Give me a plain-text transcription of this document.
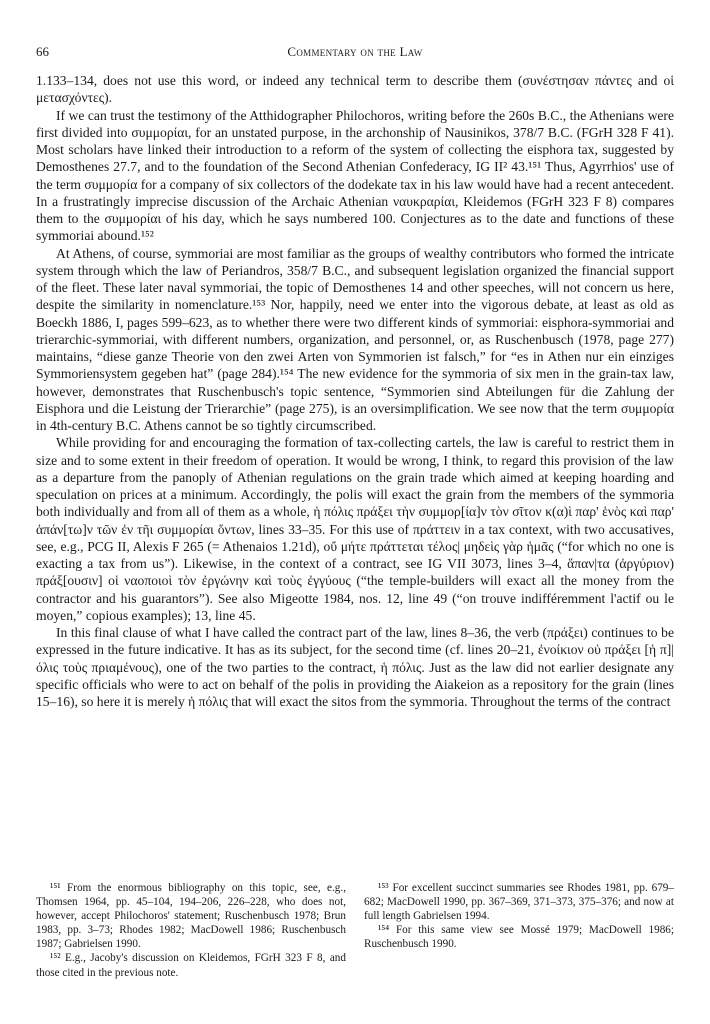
66	Commentary on the Law

1.133–134, does not use this word, or indeed any technical term to describe them (συνέστησαν πάντες and οἱ μετασχόντες).

If we can trust the testimony of the Atthidographer Philochoros, writing before the 260s B.C., the Athenians were first divided into συμμορίαι, for an unstated purpose, in the archonship of Nausinikos, 378/7 B.C. (FGrH 328 F 41). Most scholars have linked their introduction to a reform of the system of collecting the eisphora tax, suggested by Demosthenes 27.7, and to the foundation of the Second Athenian Confederacy, IG II² 43.¹⁵¹ Thus, Agyrrhios' use of the term συμμορία for a company of six collectors of the dodekate tax in his law would have had a recent antecedent. In a frustratingly imprecise discussion of the Archaic Athenian ναυκραρίαι, Kleidemos (FGrH 323 F 8) compares them to the συμμορίαι of his day, which he says numbered 100. Conjectures as to the date and functions of these symmoriai abound.¹⁵²

At Athens, of course, symmoriai are most familiar as the groups of wealthy contributors who formed the intricate system through which the law of Periandros, 358/7 B.C., and subsequent legislation organized the financial support of the fleet. These later naval symmoriai, the topic of Demosthenes 14 and other speeches, will not concern us here, despite the similarity in nomenclature.¹⁵³ Nor, happily, need we enter into the vigorous debate, at least as old as Boeckh 1886, I, pages 599–623, as to whether there were two different kinds of symmoriai: eisphora-symmoriai and trierarchic-symmoriai, with different numbers, organization, and personnel, or, as Ruschenbusch (1978, page 277) maintains, “diese ganze Theorie von den zwei Arten von Symmorien ist falsch,” for “es in Athen nur ein einziges Symmoriensystem gegeben hat” (page 284).¹⁵⁴ The new evidence for the symmoria of six men in the grain-tax law, however, demonstrates that Ruschenbusch's topic sentence, “Symmorien sind Abteilungen für die Zahlung der Eisphora und die Leistung der Trierarchie” (page 275), is an oversimplification. We see now that the term συμμορία in 4th-century B.C. Athens cannot be so tightly circumscribed.

While providing for and encouraging the formation of tax-collecting cartels, the law is careful to restrict them in size and to some extent in their freedom of operation. It would be wrong, I think, to regard this provision of the law as a departure from the panoply of Athenian regulations on the grain trade which aimed at keeping hoarding and speculation on prices at a minimum. Accordingly, the polis will exact the grain from the members of the symmoria both individually and from all of them as a whole, ἡ πόλις πράξει τὴν συμμορ[ία]ν τὸν σῖτον κ(α)ὶ παρ' ἑνὸς καὶ παρ' ἁπάν[τω]ν τῶν ἐν τῆι συμμορίαι ὄντων, lines 33–35. For this use of πράττειν in a tax context, with two accusatives, see, e.g., PCG II, Alexis F 265 (= Athenaios 1.21d), οὔ μήτε πράττεται τέλος| μηδεὶς γὰρ ἡμᾶς (“for which no one is exacting a tax from us”). Likewise, in the context of a contract, see IG VII 3073, lines 3–4, ἅπαν|τα (ἀργύριον) πράξ[ουσιν] οἱ ναοποιοὶ τὸν ἐργώνην καὶ τοὺς ἐγγύους (“the temple-builders will exact all the money from the contractor and his guarantors”). See also Migeotte 1984, nos. 12, line 49 (“on trouve indifféremment l'actif ou le moyen,” copious examples); 13, line 45.

In this final clause of what I have called the contract part of the law, lines 8–36, the verb (πράξει) continues to be expressed in the future indicative. It has as its subject, for the second time (cf. lines 20–21, ἐνοίκιον οὐ πράξει [ἡ π]|όλις τοὺς πριαμένους), one of the two parties to the contract, ἡ πόλις. Just as the law did not earlier designate any specific officials who were to act on behalf of the polis in providing the Aiakeion as a repository for the grain (lines 15–16), so here it is merely ἡ πόλις that will exact the sitos from the symmoria. Throughout the terms of the contract

¹⁵¹ From the enormous bibliography on this topic, see, e.g., Thomsen 1964, pp. 45–104, 194–206, 226–228, who does not, however, accept Philochoros' statement; Ruschenbusch 1978; Brun 1983, pp. 3–73; Rhodes 1982; MacDowell 1986; Ruschenbusch 1987; Gabrielsen 1990.

¹⁵² E.g., Jacoby's discussion on Kleidemos, FGrH 323 F 8, and those cited in the previous note.

¹⁵³ For excellent succinct summaries see Rhodes 1981, pp. 679–682; MacDowell 1990, pp. 367–369, 371–373, 375–376; and now at full length Gabrielsen 1994.

¹⁵⁴ For this same view see Mossé 1979; MacDowell 1986; Ruschenbusch 1990.
